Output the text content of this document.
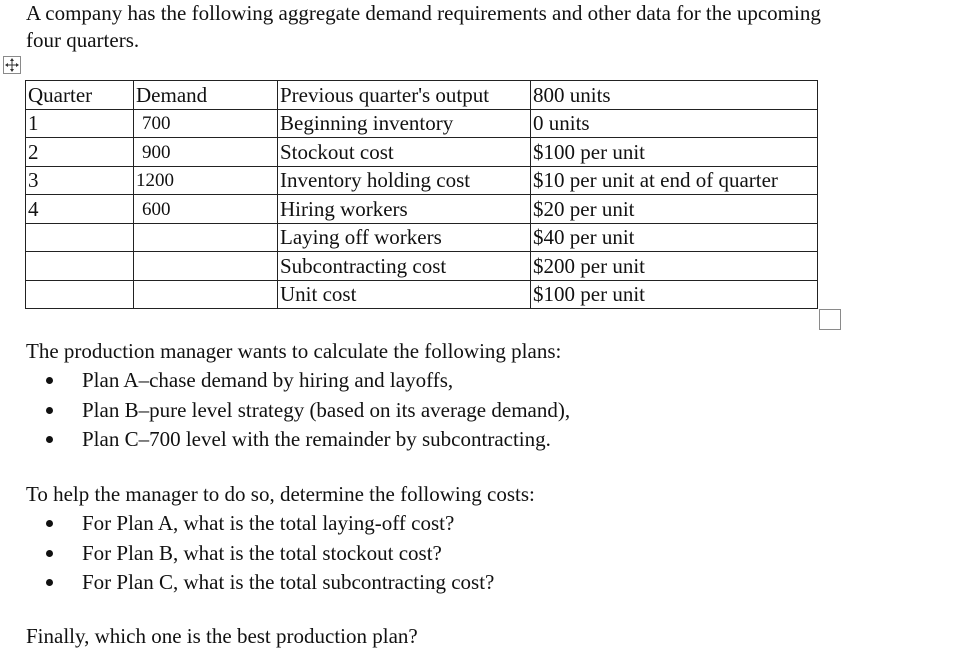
A company has the following aggregate demand requirements and other data for the upcoming four quarters.

Quarter	Demand	Previous quarter's output	800 units
1	700	Beginning inventory	0 units
2	900	Stockout cost	$100 per unit
3	1200	Inventory holding cost	$10 per unit at end of quarter
4	600	Hiring workers	$20 per unit
		Laying off workers	$40 per unit
		Subcontracting cost	$200 per unit
		Unit cost	$100 per unit
The production manager wants to calculate the following plans:
Plan A–chase demand by hiring and layoffs,
Plan B–pure level strategy (based on its average demand),
Plan C–700 level with the remainder by subcontracting.
To help the manager to do so, determine the following costs:
For Plan A, what is the total laying-off cost?
For Plan B, what is the total stockout cost?
For Plan C, what is the total subcontracting cost?
Finally, which one is the best production plan?
